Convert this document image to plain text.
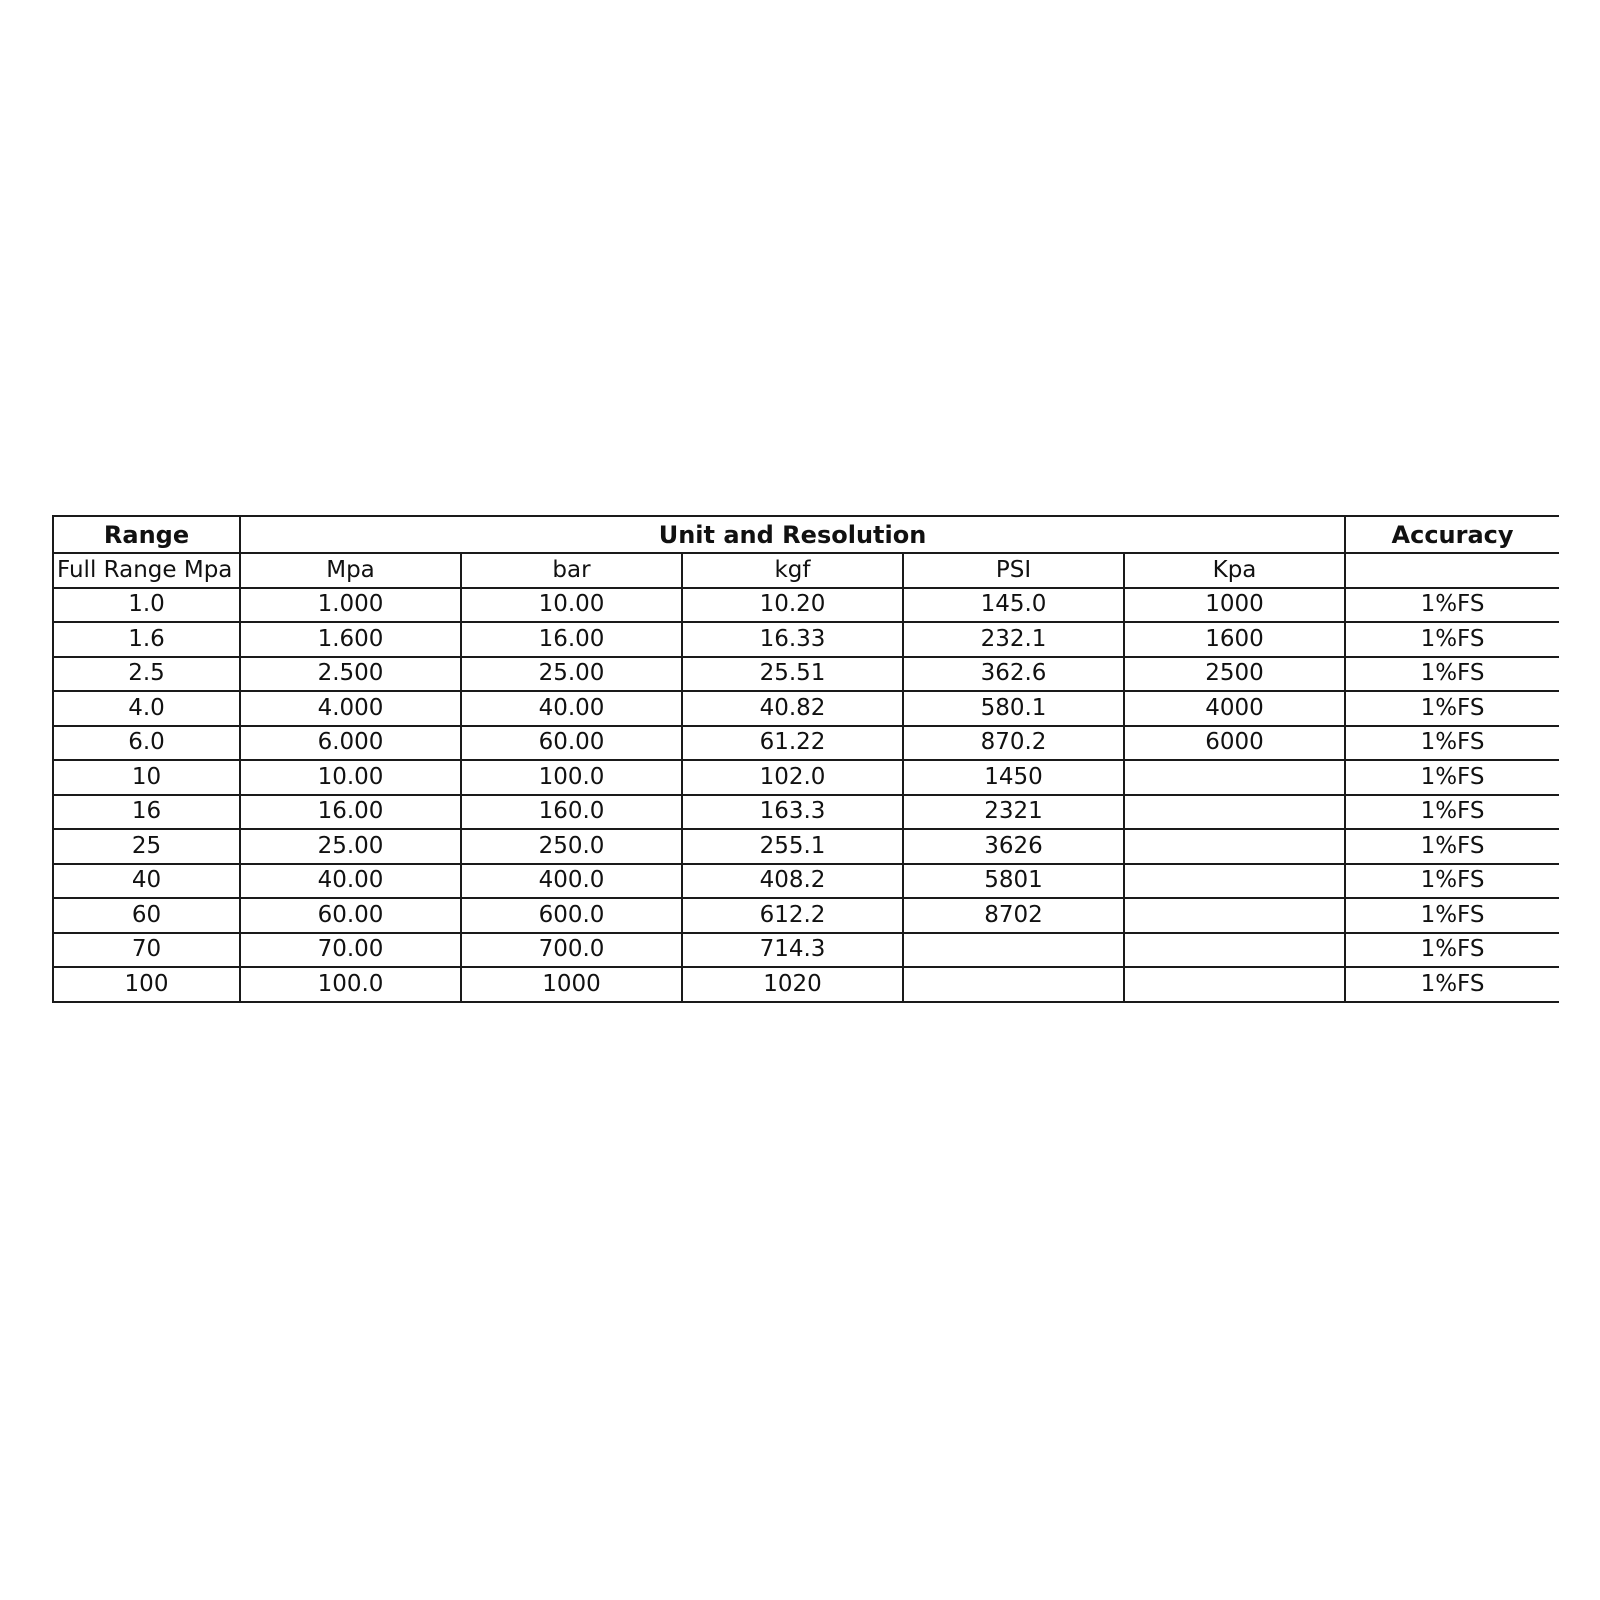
Range	Unit and Resolution					Accuracy
Full Range Mpa	Mpa	bar	kgf	PSI	Kpa	
1.0	1.000	10.00	10.20	145.0	1000	1%FS
1.6	1.600	16.00	16.33	232.1	1600	1%FS
2.5	2.500	25.00	25.51	362.6	2500	1%FS
4.0	4.000	40.00	40.82	580.1	4000	1%FS
6.0	6.000	60.00	61.22	870.2	6000	1%FS
10	10.00	100.0	102.0	1450		1%FS
16	16.00	160.0	163.3	2321		1%FS
25	25.00	250.0	255.1	3626		1%FS
40	40.00	400.0	408.2	5801		1%FS
60	60.00	600.0	612.2	8702		1%FS
70	70.00	700.0	714.3			1%FS
100	100.0	1000	1020			1%FS
